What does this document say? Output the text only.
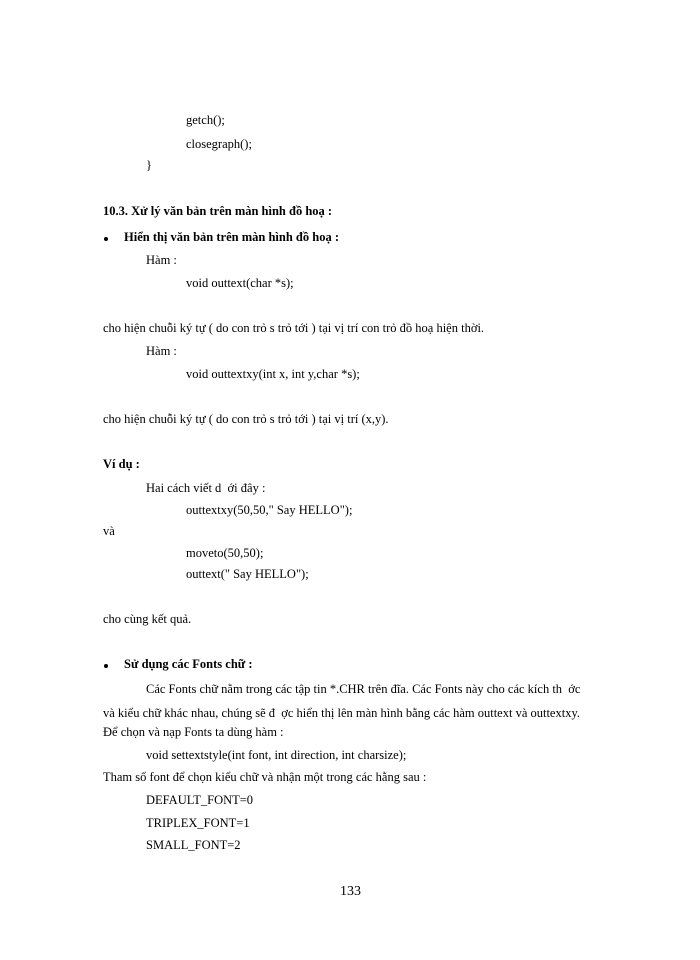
getch();
closegraph();
}
10.3. Xử lý văn bản trên màn hình đồ hoạ :
Hiển thị văn bản trên màn hình đồ hoạ :
Hàm :
void outtext(char *s);
cho hiện chuỗi ký tự ( do con trỏ s trỏ tới ) tại vị trí con trỏ đồ hoạ hiện thời.
Hàm :
void outtextxy(int x, int y,char *s);
cho hiện chuỗi ký tự ( do con trỏ s trỏ tới ) tại vị trí (x,y).
Ví dụ :
Hai cách viết d  ới đây :
outtextxy(50,50," Say HELLO");
và
moveto(50,50);
outtext(" Say HELLO");
cho cùng kết quả.
Sử dụng các Fonts chữ :
Các Fonts chữ nằm trong các tập tin *.CHR trên đĩa. Các Fonts này cho các kích th  ớc
và kiểu chữ khác nhau, chúng sẽ đ  ợc hiển thị lên màn hình bằng các hàm outtext và outtextxy.
Để chọn và nạp Fonts ta dùng hàm :
void settextstyle(int font, int direction, int charsize);
Tham số font để chọn kiểu chữ và nhận một trong các hằng sau :
DEFAULT_FONT=0
TRIPLEX_FONT=1
SMALL_FONT=2
133
